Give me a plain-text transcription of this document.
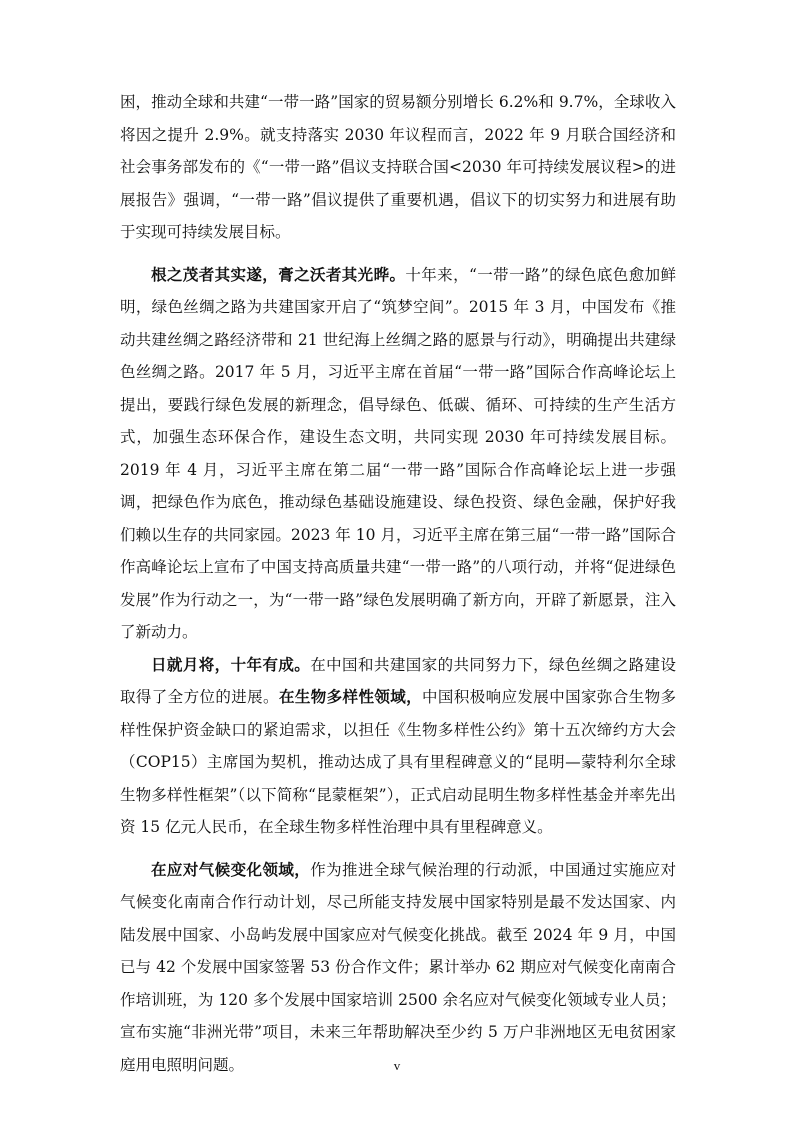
困，推动全球和共建“一带一路”国家的贸易额分别增长 6.2%和 9.7%，全球收入将因之提升 2.9%。就支持落实 2030 年议程而言，2022 年 9 月联合国经济和社会事务部发布的《“一带一路”倡议支持联合国<2030 年可持续发展议程>的进展报告》强调，“一带一路”倡议提供了重要机遇，倡议下的切实努力和进展有助于实现可持续发展目标。

根之茂者其实遂，膏之沃者其光晔。十年来，“一带一路”的绿色底色愈加鲜明，绿色丝绸之路为共建国家开启了“筑梦空间”。2015 年 3 月，中国发布《推动共建丝绸之路经济带和 21 世纪海上丝绸之路的愿景与行动》，明确提出共建绿色丝绸之路。2017 年 5 月，习近平主席在首届“一带一路”国际合作高峰论坛上提出，要践行绿色发展的新理念，倡导绿色、低碳、循环、可持续的生产生活方式，加强生态环保合作，建设生态文明，共同实现 2030 年可持续发展目标。2019 年 4 月，习近平主席在第二届“一带一路”国际合作高峰论坛上进一步强调，把绿色作为底色，推动绿色基础设施建设、绿色投资、绿色金融，保护好我们赖以生存的共同家园。2023 年 10 月，习近平主席在第三届“一带一路”国际合作高峰论坛上宣布了中国支持高质量共建“一带一路”的八项行动，并将“促进绿色发展”作为行动之一，为“一带一路”绿色发展明确了新方向，开辟了新愿景，注入了新动力。

日就月将，十年有成。在中国和共建国家的共同努力下，绿色丝绸之路建设取得了全方位的进展。在生物多样性领域，中国积极响应发展中国家弥合生物多样性保护资金缺口的紧迫需求，以担任《生物多样性公约》第十五次缔约方大会（COP15）主席国为契机，推动达成了具有里程碑意义的“昆明—蒙特利尔全球生物多样性框架”（以下简称“昆蒙框架”），正式启动昆明生物多样性基金并率先出资 15 亿元人民币，在全球生物多样性治理中具有里程碑意义。

在应对气候变化领域，作为推进全球气候治理的行动派，中国通过实施应对气候变化南南合作行动计划，尽己所能支持发展中国家特别是最不发达国家、内陆发展中国家、小岛屿发展中国家应对气候变化挑战。截至 2024 年 9 月，中国已与 42 个发展中国家签署 53 份合作文件；累计举办 62 期应对气候变化南南合作培训班，为 120 多个发展中国家培训 2500 余名应对气候变化领域专业人员；宣布实施“非洲光带”项目，未来三年帮助解决至少约 5 万户非洲地区无电贫困家庭用电照明问题。	v
